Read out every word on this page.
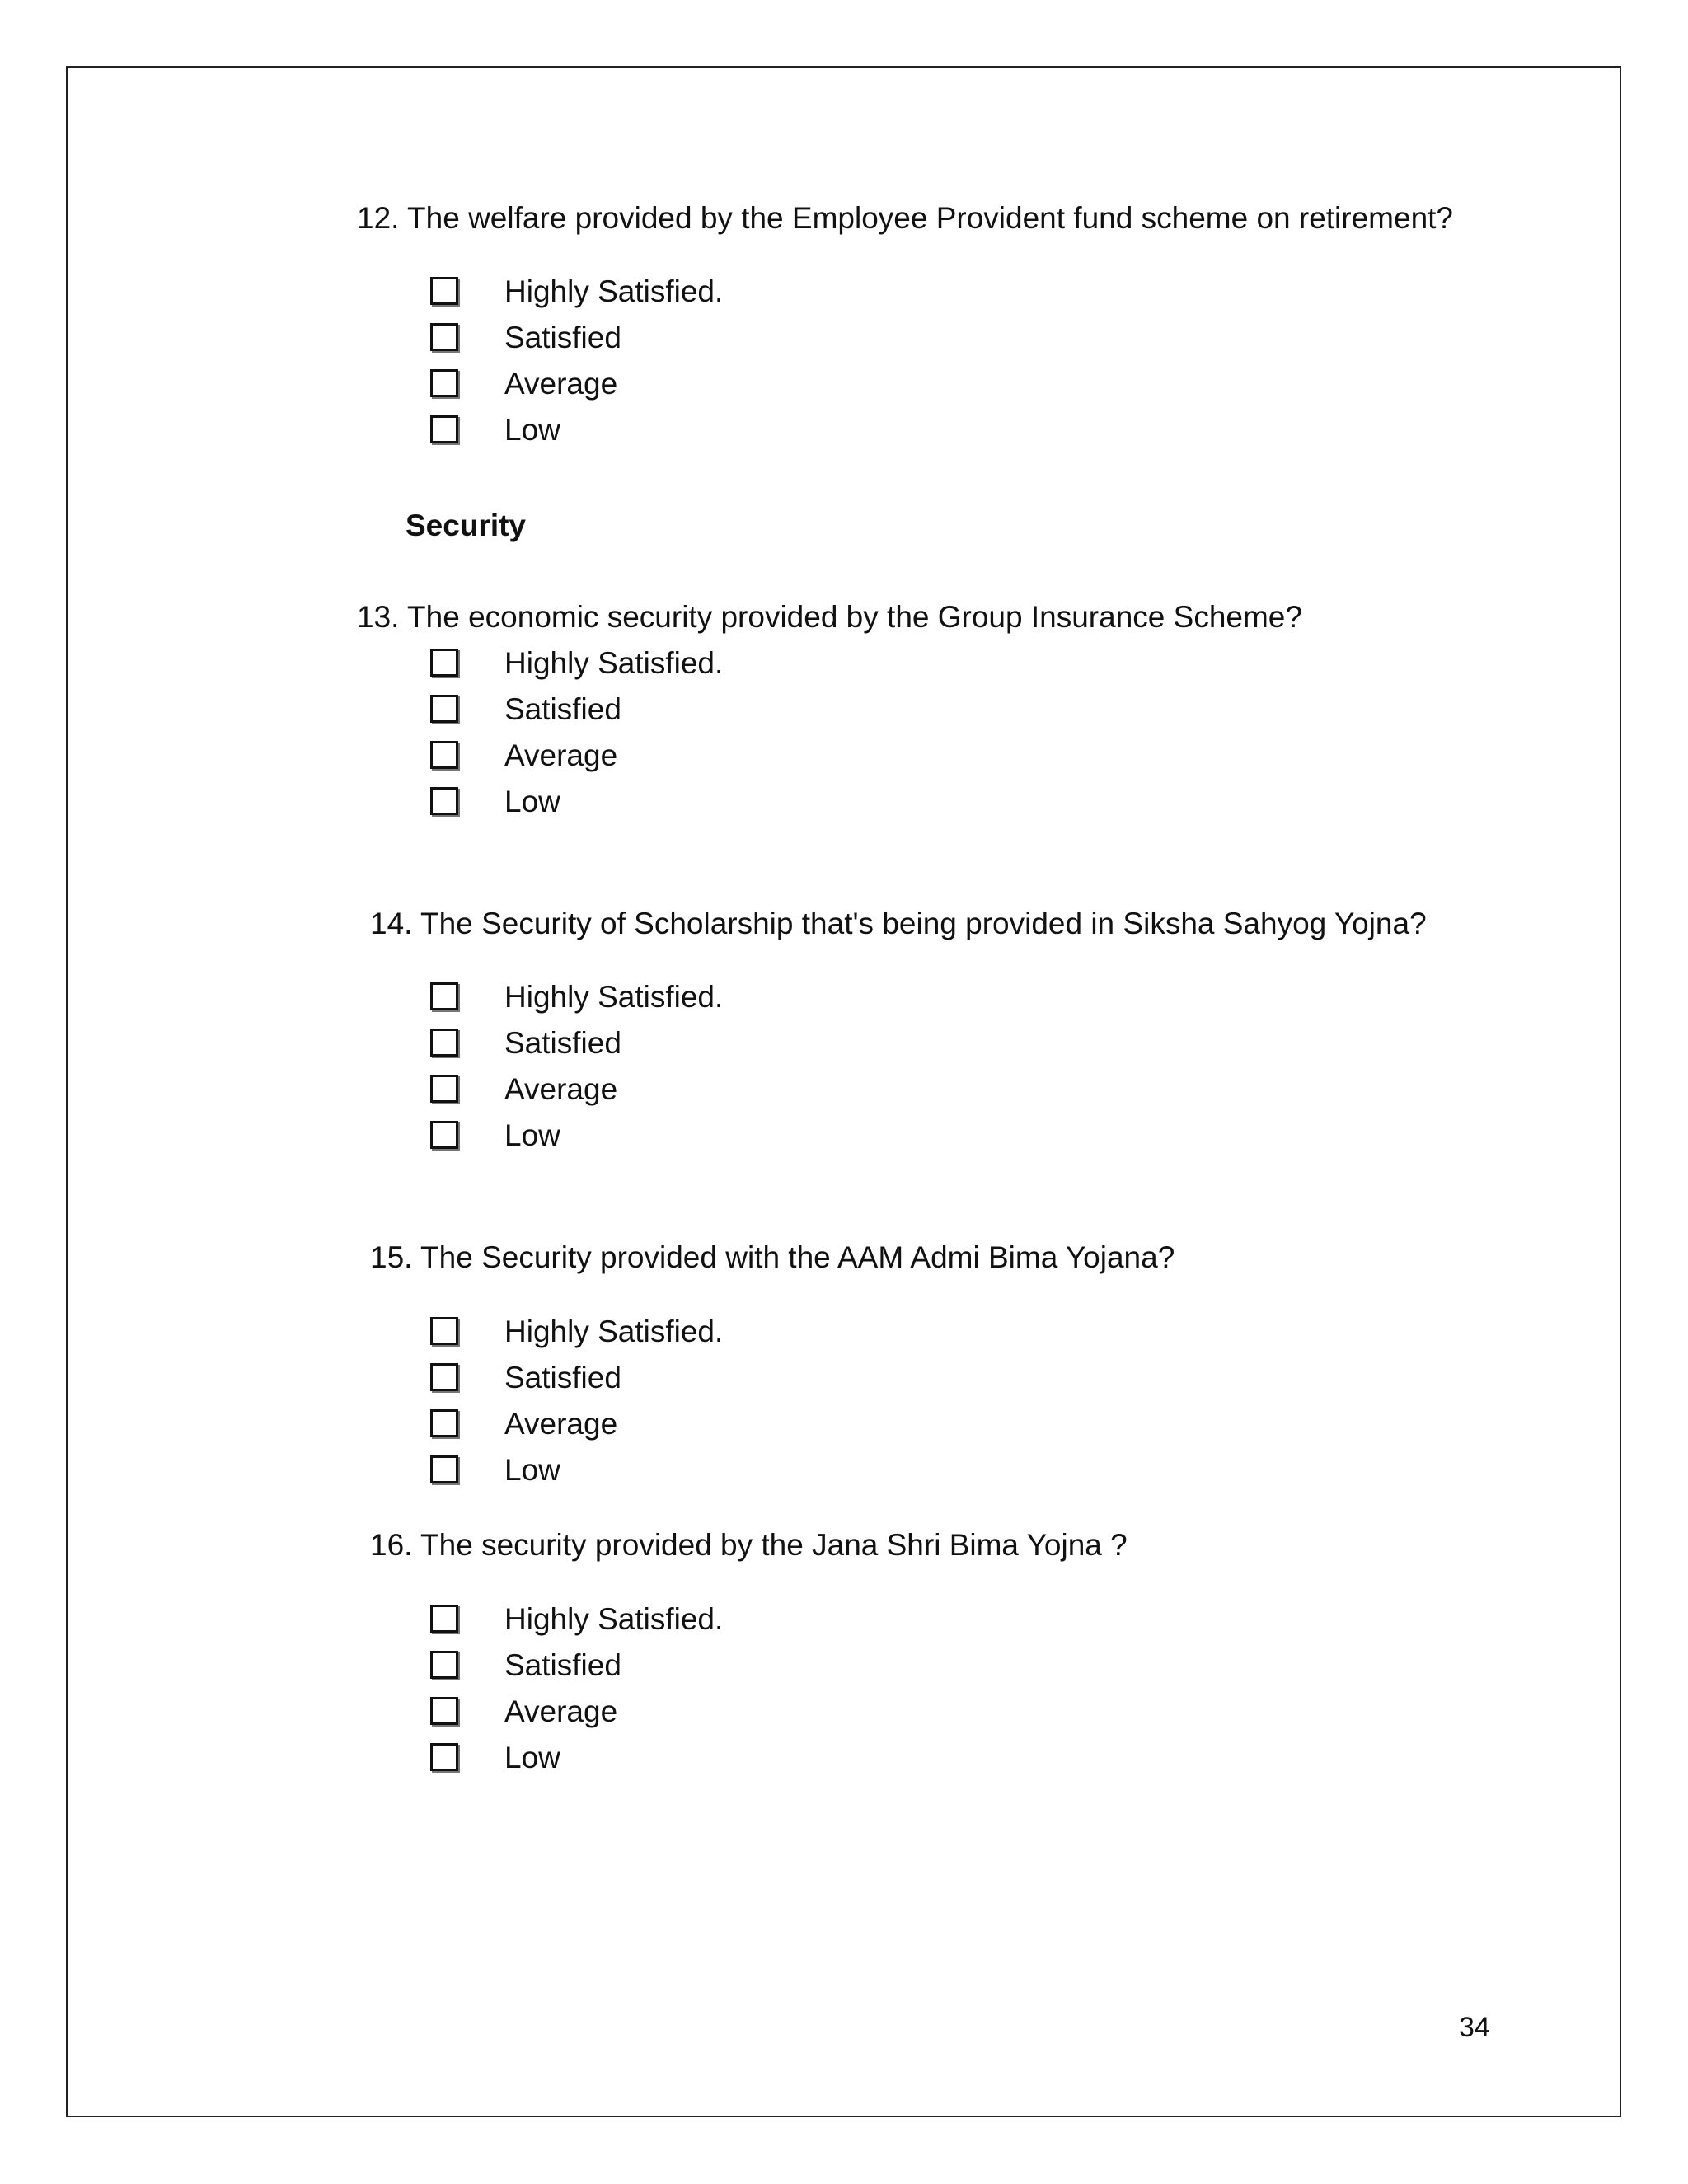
12. The welfare provided by the Employee Provident fund scheme on retirement?
Highly Satisfied.
Satisfied
Average
Low
Security
13. The economic security provided by the Group Insurance Scheme?
Highly Satisfied.
Satisfied
Average
Low
14. The Security of Scholarship that's being provided in Siksha Sahyog Yojna?
Highly Satisfied.
Satisfied
Average
Low
15. The Security provided with the AAM Admi Bima Yojana?
Highly Satisfied.
Satisfied
Average
Low
16. The security provided by the Jana Shri Bima Yojna ?
Highly Satisfied.
Satisfied
Average
Low
34
